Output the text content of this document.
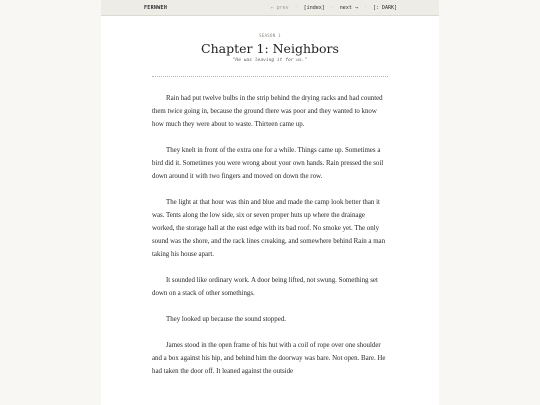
FERNWEH	← prev · [index] · next → · [: DARK]
SEASON 1
Chapter 1: Neighbors
"He was leaving it for us."

Rain had put twelve bulbs in the strip behind the drying racks and had counted them twice going in, because the ground there was poor and they wanted to know how much they were about to waste. Thirteen came up.

They knelt in front of the extra one for a while. Things came up. Sometimes a bird did it. Sometimes you were wrong about your own hands. Rain pressed the soil down around it with two fingers and moved on down the row.

The light at that hour was thin and blue and made the camp look better than it was. Tents along the low side, six or seven proper huts up where the drainage worked, the storage hall at the east edge with its bad roof. No smoke yet. The only sound was the shore, and the rack lines creaking, and somewhere behind Rain a man taking his house apart.

It sounded like ordinary work. A door being lifted, not swung. Something set down on a stack of other somethings.

They looked up because the sound stopped.

James stood in the open frame of his hut with a coil of rope over one shoulder and a box against his hip, and behind him the doorway was bare. Not open. Bare. He had taken the door off. It leaned against the outside
